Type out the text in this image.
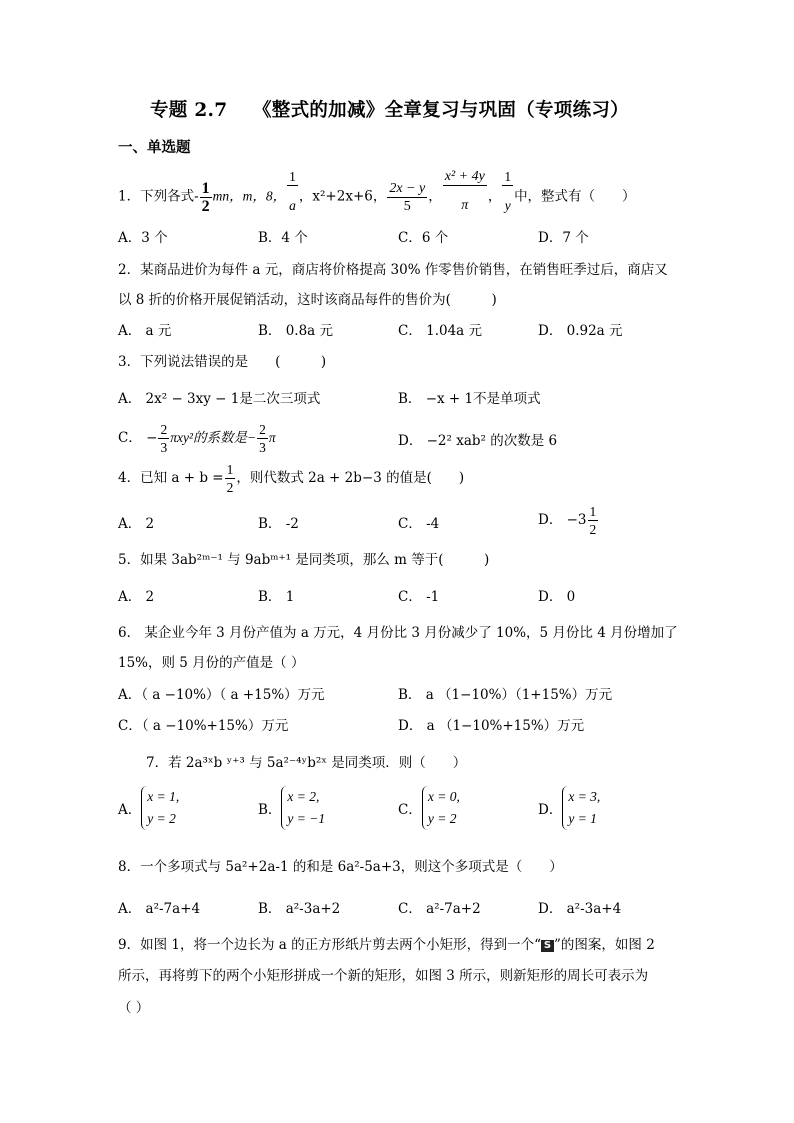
专题 2.7　 《整式的加减》全章复习与巩固（专项练习）
一、单选题
1．下列各式- $\frac{1}{2}$ mn，m，8， $\frac{1}{a}$，x²+2x+6， $\frac{2x - y}{5}$ ， $\frac{\text{x² + 4y}}{\pi}$， $\frac{1}{y}$中，整式有（　　）
A．3 个	B．4 个	C．6 个	D．7 个
2．某商品进价为每件 a 元，商店将价格提高 30% 作零售价销售，在销售旺季过后，商店又
以 8 折的价格开展促销活动，这时该商品每件的售价为(　　　)
A． a 元	B． 0.8a 元	C． 1.04a 元	D． 0.92a 元
3．下列说法错误的是　　(　　　)
A． 2x² − 3xy − 1是二次三项式	B． −x + 1不是单项式
C． − $\frac{2}{3} \pi xy^2$的系数是− $\frac{2}{3}$ π	D． −2² xab² 的次数是 6
4．已知 $a + b = \frac{1}{2}$ ，则代数式 2a + 2b−3 的值是(　　)
A． 2	B． -2	C． -4	D． $-3 \frac{1}{2}$
5．如果 3ab²ᵐ⁻¹ 与 9abᵐ⁺¹ 是同类项，那么 m 等于(　　　)
A． 2	B． 1	C． -1	D． 0
6． 某企业今年 3 月份产值为 a 万元，4 月份比 3 月份减少了 10%，5 月份比 4 月份增加了
15%，则 5 月份的产值是（ ）
A．（ a −10%）（ a +15%）万元	B． a （1−10%）（1+15%）万元
C．（ a −10%+15%）万元	D． a （1−10%+15%）万元
7．若 2a³ˣb ʸ⁺³ 与 5a²⁻⁴ʸb²ˣ 是同类项．则（　　）
A．x = 1,
y = 2
B．x = 2,
y = −1
C．x = 0,
y = 2
D．x = 3,
y = 1
8．一个多项式与 5a²+2a-1 的和是 6a²-5a+3，则这个多项式是（　　）
A． a²-7a+4	B． a²-3a+2	C． a²-7a+2	D． a²-3a+4
9．如图 1，将一个边长为 a 的正方形纸片剪去两个小矩形，得到一个“ S ”的图案，如图 2
所示，再将剪下的两个小矩形拼成一个新的矩形，如图 3 所示，则新矩形的周长可表示为
（ ）
